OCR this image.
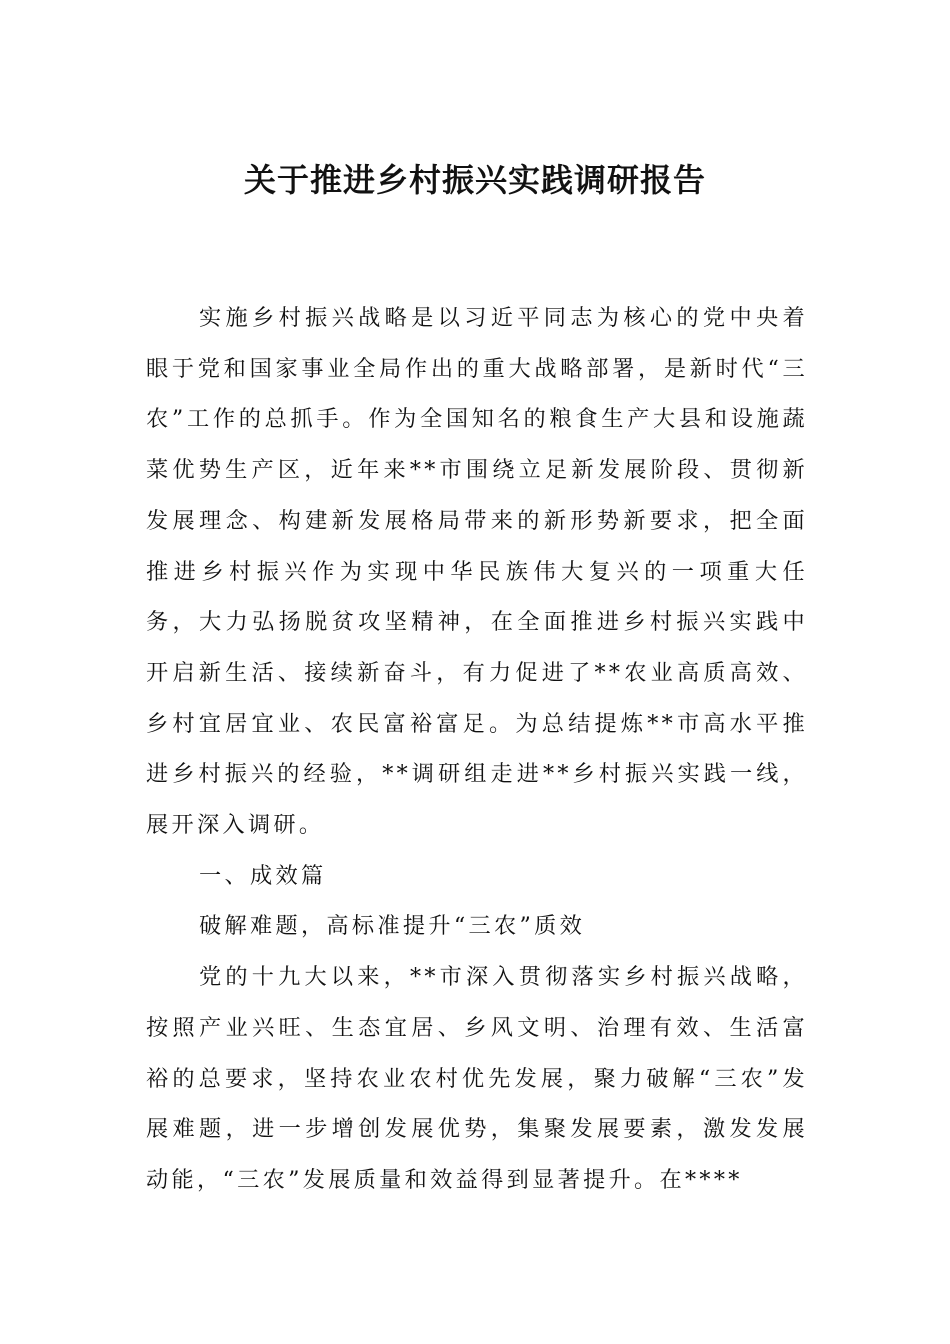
关于推进乡村振兴实践调研报告

实施乡村振兴战略是以习近平同志为核心的党中央着眼于党和国家事业全局作出的重大战略部署，是新时代“三农”工作的总抓手。作为全国知名的粮食生产大县和设施蔬菜优势生产区，近年来**市围绕立足新发展阶段、贯彻新发展理念、构建新发展格局带来的新形势新要求，把全面推进乡村振兴作为实现中华民族伟大复兴的一项重大任务，大力弘扬脱贫攻坚精神，在全面推进乡村振兴实践中开启新生活、接续新奋斗，有力促进了**农业高质高效、乡村宜居宜业、农民富裕富足。为总结提炼**市高水平推进乡村振兴的经验，**调研组走进**乡村振兴实践一线，展开深入调研。

一、成效篇

破解难题，高标准提升“三农”质效

党的十九大以来，**市深入贯彻落实乡村振兴战略，按照产业兴旺、生态宜居、乡风文明、治理有效、生活富裕的总要求，坚持农业农村优先发展，聚力破解“三农”发展难题，进一步增创发展优势，集聚发展要素，激发发展动能，“三农”发展质量和效益得到显著提升。在****
